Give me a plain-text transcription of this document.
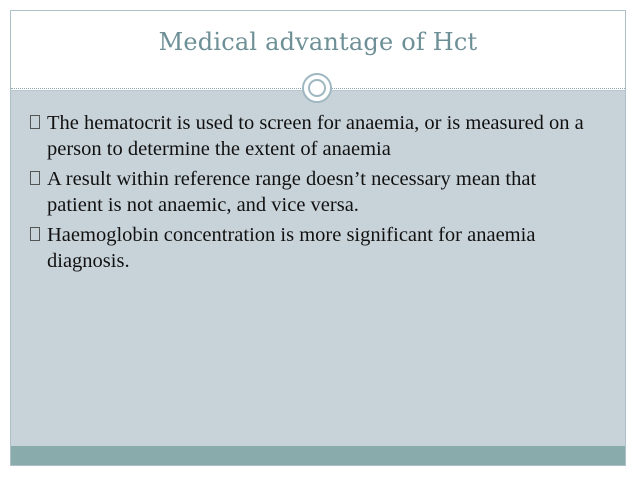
Medical advantage of Hct
The hematocrit is used to screen for anaemia, or is measured on a person to determine the extent of anaemia
A result within reference range doesn’t necessary mean that patient is not anaemic, and vice versa.
Haemoglobin concentration is more significant for anaemia diagnosis.
